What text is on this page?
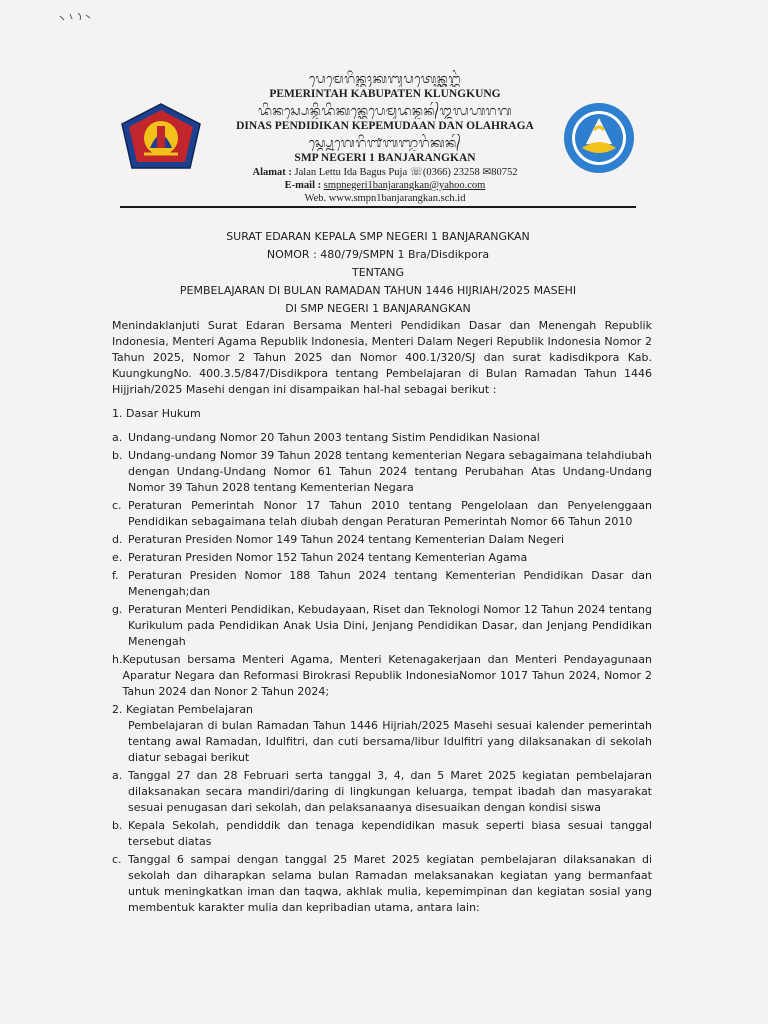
ᬧᬾᬫᬾᬭᬶᬦ᭄ᬢᬄᬓᬩᬸᬧᬢᬾᬦ᭄ᬓ᭄ᬮᬸᬗ᭄ᬓᬸᬂ

PEMERINTAH KABUPATEN KLUNGKUNG

ᬤᬶᬦᬲ᭄ᬧᬾᬦ᭄ᬤᬶᬤᬶᬓᬦ᭄ᬓᬾᬧᬾᬫᬸᬤᬦ᭄ᬤᬦ᭄ᬑᬮᬳᬭᬕ

DINAS PENDIDIKAN KEPEMUDAAN DAN OLAHRAGA

ᬲ᭄ᬫ᭄ᬧ᭄ᬦᬾᬕᬾᬭᬶ᭑ᬩᬜ᭄ᬚᬭᬂᬓᬦ᭄

SMP NEGERI 1 BANJARANGKAN

Alamat : Jalan Lettu Ida Bagus Puja ☏(0366) 23258 ✉80752

E-mail : smpnegeri1banjarangkan@yahoo.com

Web. www.smpn1banjarangkan.sch.id

SURAT EDARAN KEPALA SMP NEGERI 1 BANJARANGKAN

NOMOR : 480/79/SMPN 1 Bra/Disdikpora

TENTANG

PEMBELAJARAN DI BULAN RAMADAN TAHUN 1446 HIJRIAH/2025 MASEHI

DI SMP NEGERI 1 BANJARANGKAN

Menindaklanjuti Surat Edaran Bersama Menteri Pendidikan Dasar dan Menengah Republik Indonesia, Menteri Agama Republik Indonesia, Menteri Dalam Negeri Republik Indonesia Nomor 2 Tahun 2025, Nomor 2 Tahun 2025 dan Nomor 400.1/320/SJ dan surat kadisdikpora Kab. KuungkungNo. 400.3.5/847/Disdikpora tentang Pembelajaran di Bulan Ramadan Tahun 1446 Hijjriah/2025 Masehi dengan ini disampaikan hal-hal sebagai berikut :

1. Dasar Hukum

a. Undang-undang Nomor 20 Tahun 2003 tentang Sistim Pendidikan Nasional
b. Undang-undang Nomor 39 Tahun 2028 tentang kementerian Negara sebagaimana telahdiubah dengan Undang-Undang Nomor 61 Tahun 2024 tentang Perubahan Atas Undang-Undang Nomor 39 Tahun 2028 tentang Kementerian Negara
c. Peraturan Pemerintah Nonor 17 Tahun 2010 tentang Pengelolaan dan Penyelenggaan Pendidikan sebagaimana telah diubah dengan Peraturan Pemerintah Nomor 66 Tahun 2010
d. Peraturan Presiden Nomor 149 Tahun 2024 tentang Kementerian Dalam Negeri
e. Peraturan Presiden Nomor 152 Tahun 2024 tentang Kementerian Agama
f. Peraturan Presiden Nomor 188 Tahun 2024 tentang Kementerian Pendidikan Dasar dan Menengah;dan
g. Peraturan Menteri Pendidikan, Kebudayaan, Riset dan Teknologi Nomor 12 Tahun 2024 tentang Kurikulum pada Pendidikan Anak Usia Dini, Jenjang Pendidikan Dasar, dan Jenjang Pendidikan Menengah
h. Keputusan bersama Menteri Agama, Menteri Ketenagakerjaan dan Menteri Pendayagunaan Aparatur Negara dan Reformasi Birokrasi Republik IndonesiaNomor 1017 Tahun 2024, Nomor 2 Tahun 2024 dan Nonor 2 Tahun 2024;

2. Kegiatan Pembelajaran

Pembelajaran di bulan Ramadan Tahun 1446 Hijriah/2025 Masehi sesuai kalender pemerintah tentang awal Ramadan, Idulfitri, dan cuti bersama/libur Idulfitri yang dilaksanakan di sekolah diatur sebagai berikut

a. Tanggal 27 dan 28 Februari serta tanggal 3, 4, dan 5 Maret 2025 kegiatan pembelajaran dilaksanakan secara mandiri/daring di lingkungan keluarga, tempat ibadah dan masyarakat sesuai penugasan dari sekolah, dan pelaksanaanya disesuaikan dengan kondisi siswa
b. Kepala Sekolah, pendiddik dan tenaga kependidikan masuk seperti biasa sesuai tanggal tersebut diatas
c. Tanggal 6 sampai dengan tanggal 25 Maret 2025 kegiatan pembelajaran dilaksanakan di sekolah dan diharapkan selama bulan Ramadan melaksanakan kegiatan yang bermanfaat untuk meningkatkan iman dan taqwa, akhlak mulia, kepemimpinan dan kegiatan sosial yang membentuk karakter mulia dan kepribadian utama, antara lain:
